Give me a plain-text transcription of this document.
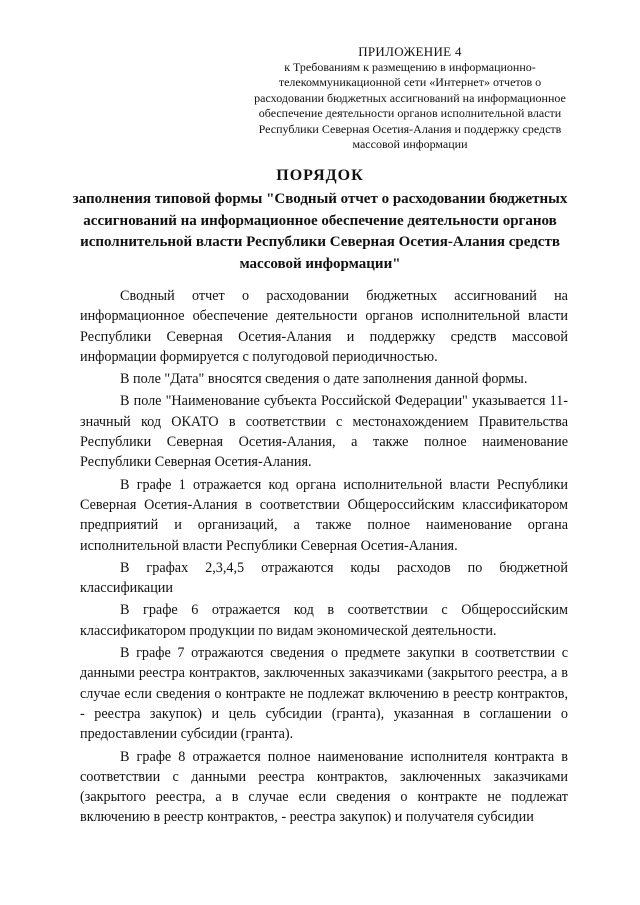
ПРИЛОЖЕНИЕ 4
к Требованиям к размещению в информационно-телекоммуникационной сети «Интернет» отчетов о расходовании бюджетных ассигнований на информационное обеспечение деятельности органов исполнительной власти Республики Северная Осетия-Алания и поддержку средств массовой информации
ПОРЯДОК
заполнения типовой формы "Сводный отчет о расходовании бюджетных ассигнований на информационное обеспечение деятельности органов исполнительной власти Республики Северная Осетия-Алания средств массовой информации"

Сводный отчет о расходовании бюджетных ассигнований на информационное обеспечение деятельности органов исполнительной власти Республики Северная Осетия-Алания и поддержку средств массовой информации формируется с полугодовой периодичностью.

В поле "Дата" вносятся сведения о дате заполнения данной формы.

В поле "Наименование субъекта Российской Федерации" указывается 11-значный код ОКАТО в соответствии с местонахождением Правительства Республики Северная Осетия-Алания, а также полное наименование Республики Северная Осетия-Алания.

В графе 1 отражается код органа исполнительной власти Республики Северная Осетия-Алания в соответствии Общероссийским классификатором предприятий и организаций, а также полное наименование органа исполнительной власти Республики Северная Осетия-Алания.

В графах 2,3,4,5 отражаются коды расходов по бюджетной классификации

В графе 6 отражается код в соответствии с Общероссийским классификатором продукции по видам экономической деятельности.

В графе 7 отражаются сведения о предмете закупки в соответствии с данными реестра контрактов, заключенных заказчиками (закрытого реестра, а в случае если сведения о контракте не подлежат включению в реестр контрактов, - реестра закупок) и цель субсидии (гранта), указанная в соглашении о предоставлении субсидии (гранта).

В графе 8 отражается полное наименование исполнителя контракта в соответствии с данными реестра контрактов, заключенных заказчиками (закрытого реестра, а в случае если сведения о контракте не подлежат включению в реестр контрактов, - реестра закупок) и получателя субсидии
